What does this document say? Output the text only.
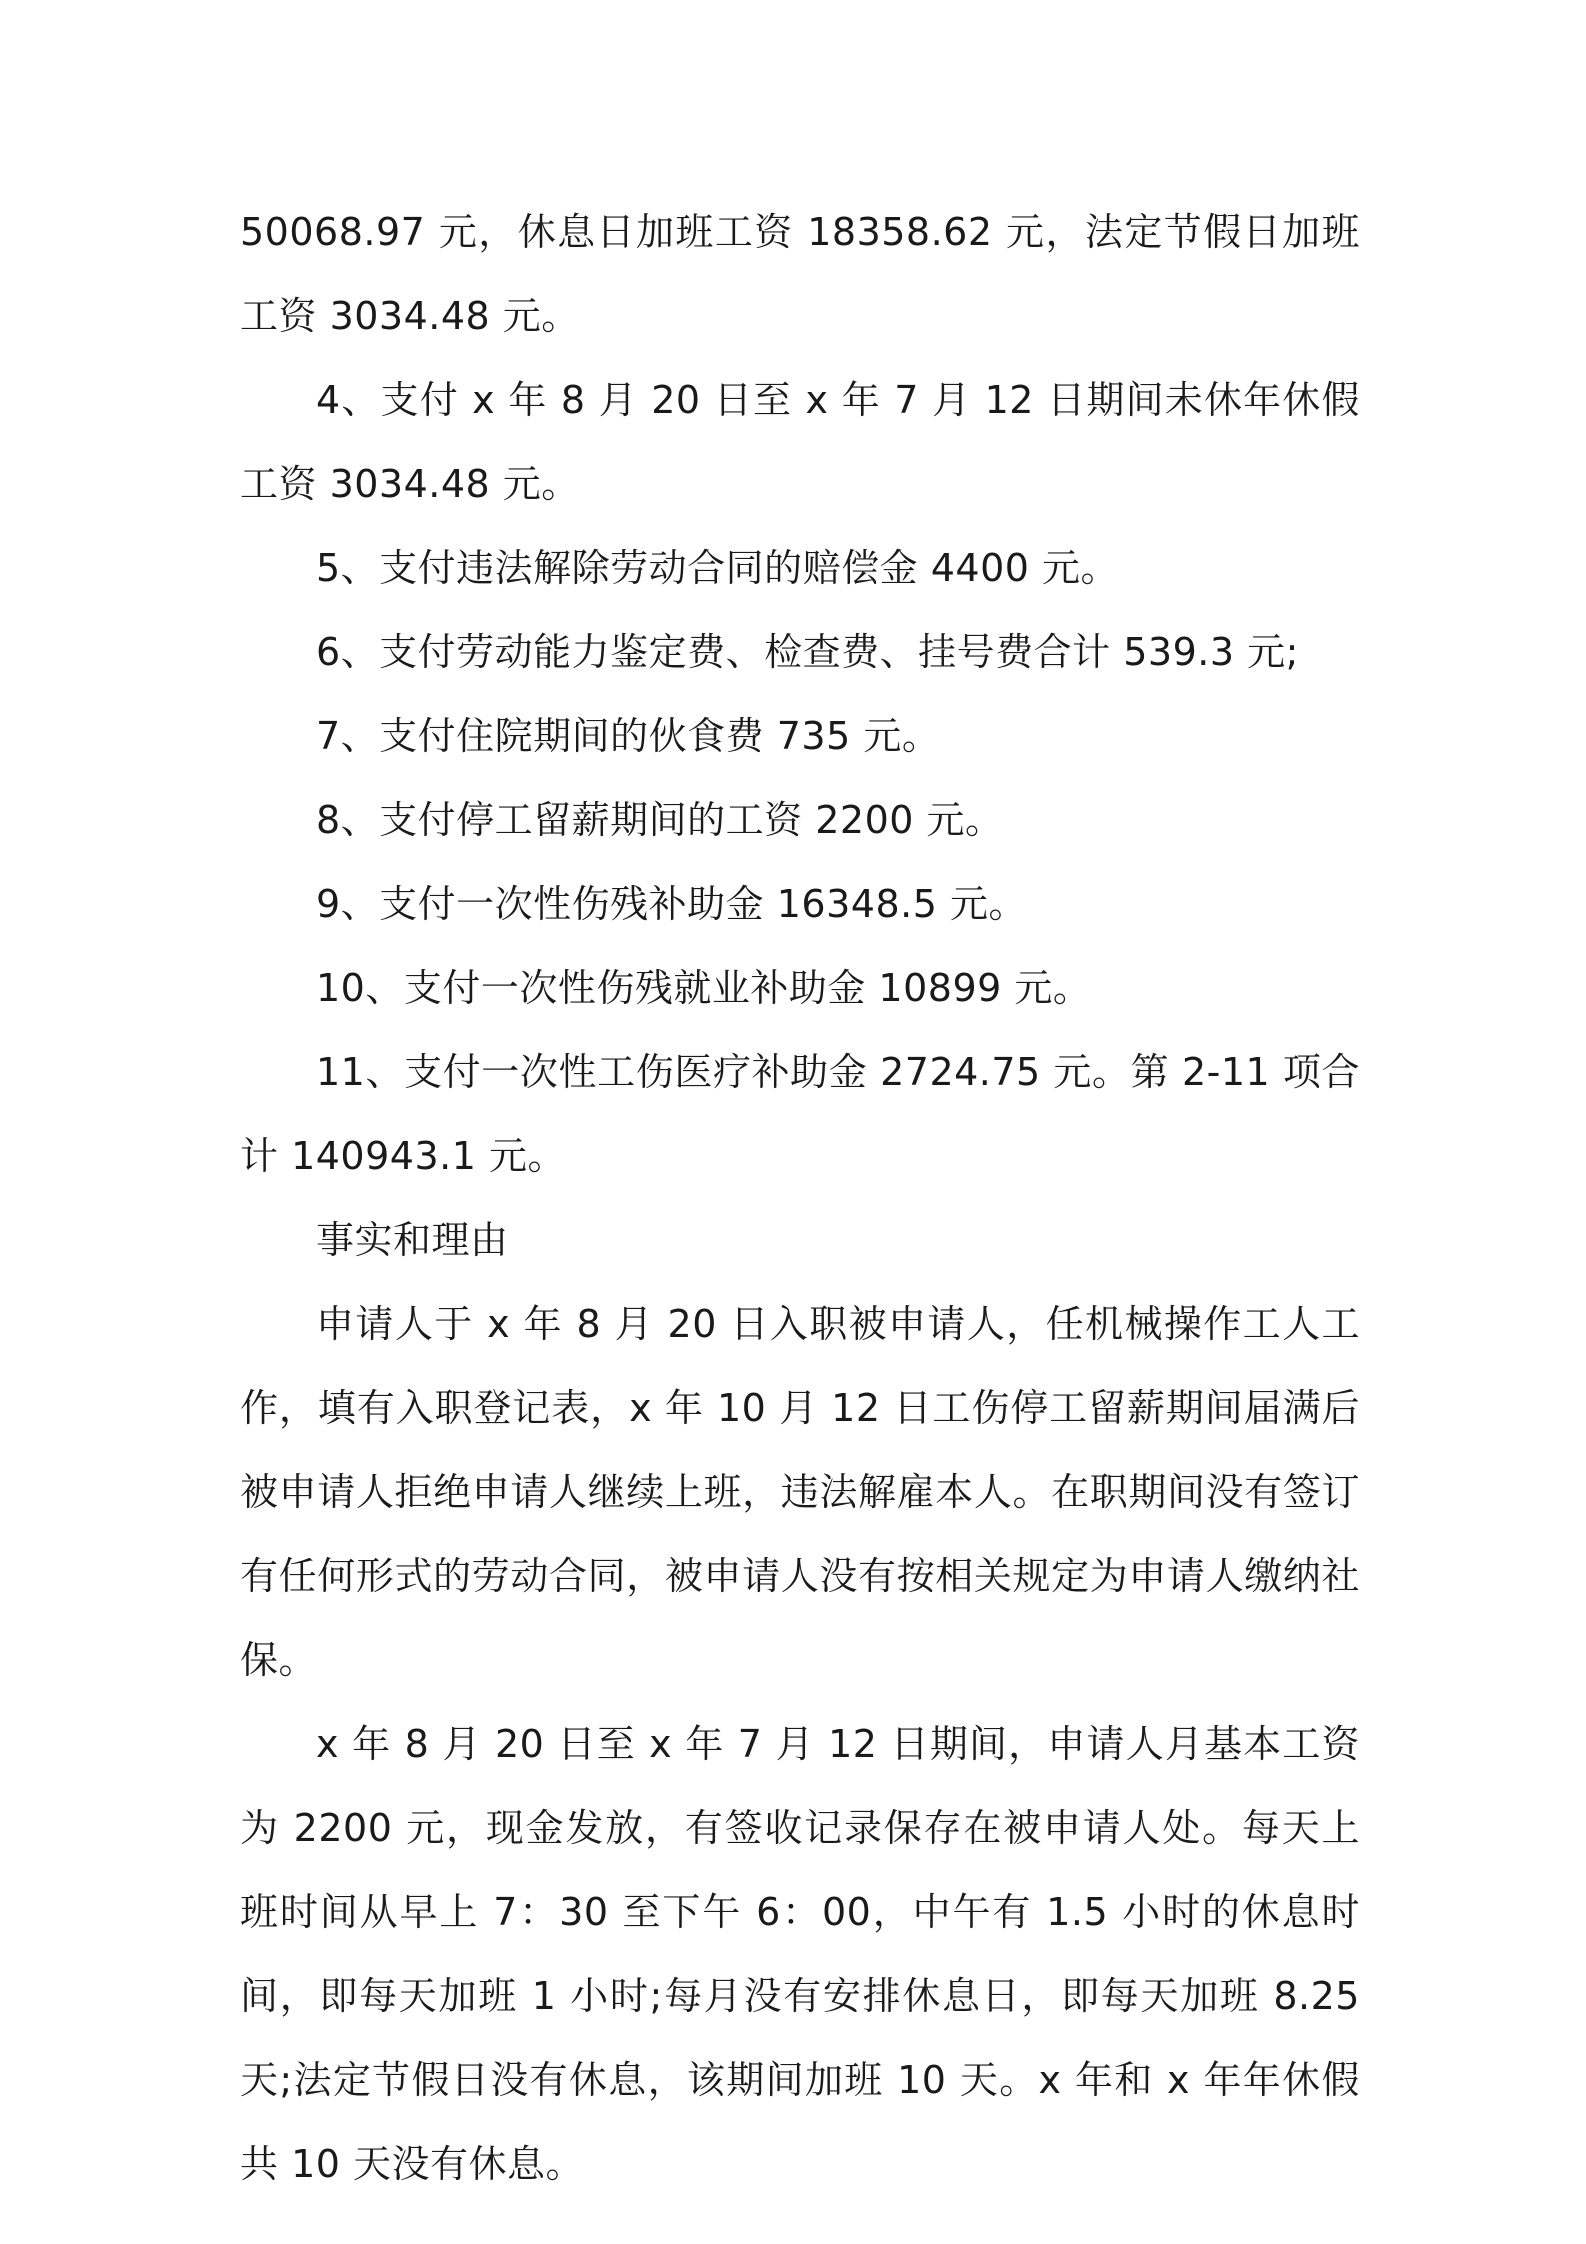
50068.97 元，休息日加班工资 18358.62 元，法定节假日加班工资 3034.48 元。

4、支付 x 年 8 月 20 日至 x 年 7 月 12 日期间未休年休假工资 3034.48 元。

5、支付违法解除劳动合同的赔偿金 4400 元。

6、支付劳动能力鉴定费、检查费、挂号费合计 539.3 元;

7、支付住院期间的伙食费 735 元。

8、支付停工留薪期间的工资 2200 元。

9、支付一次性伤残补助金 16348.5 元。

10、支付一次性伤残就业补助金 10899 元。

11、支付一次性工伤医疗补助金 2724.75 元。第 2-11 项合计 140943.1 元。

事实和理由

申请人于 x 年 8 月 20 日入职被申请人，任机械操作工人工作，填有入职登记表，x 年 10 月 12 日工伤停工留薪期间届满后被申请人拒绝申请人继续上班，违法解雇本人。在职期间没有签订有任何形式的劳动合同，被申请人没有按相关规定为申请人缴纳社保。

x 年 8 月 20 日至 x 年 7 月 12 日期间，申请人月基本工资为 2200 元，现金发放，有签收记录保存在被申请人处。每天上班时间从早上 7：30 至下午 6：00，中午有 1.5 小时的休息时间，即每天加班 1 小时;每月没有安排休息日，即每天加班 8.25 天;法定节假日没有休息，该期间加班 10 天。x 年和 x 年年休假共 10 天没有休息。
